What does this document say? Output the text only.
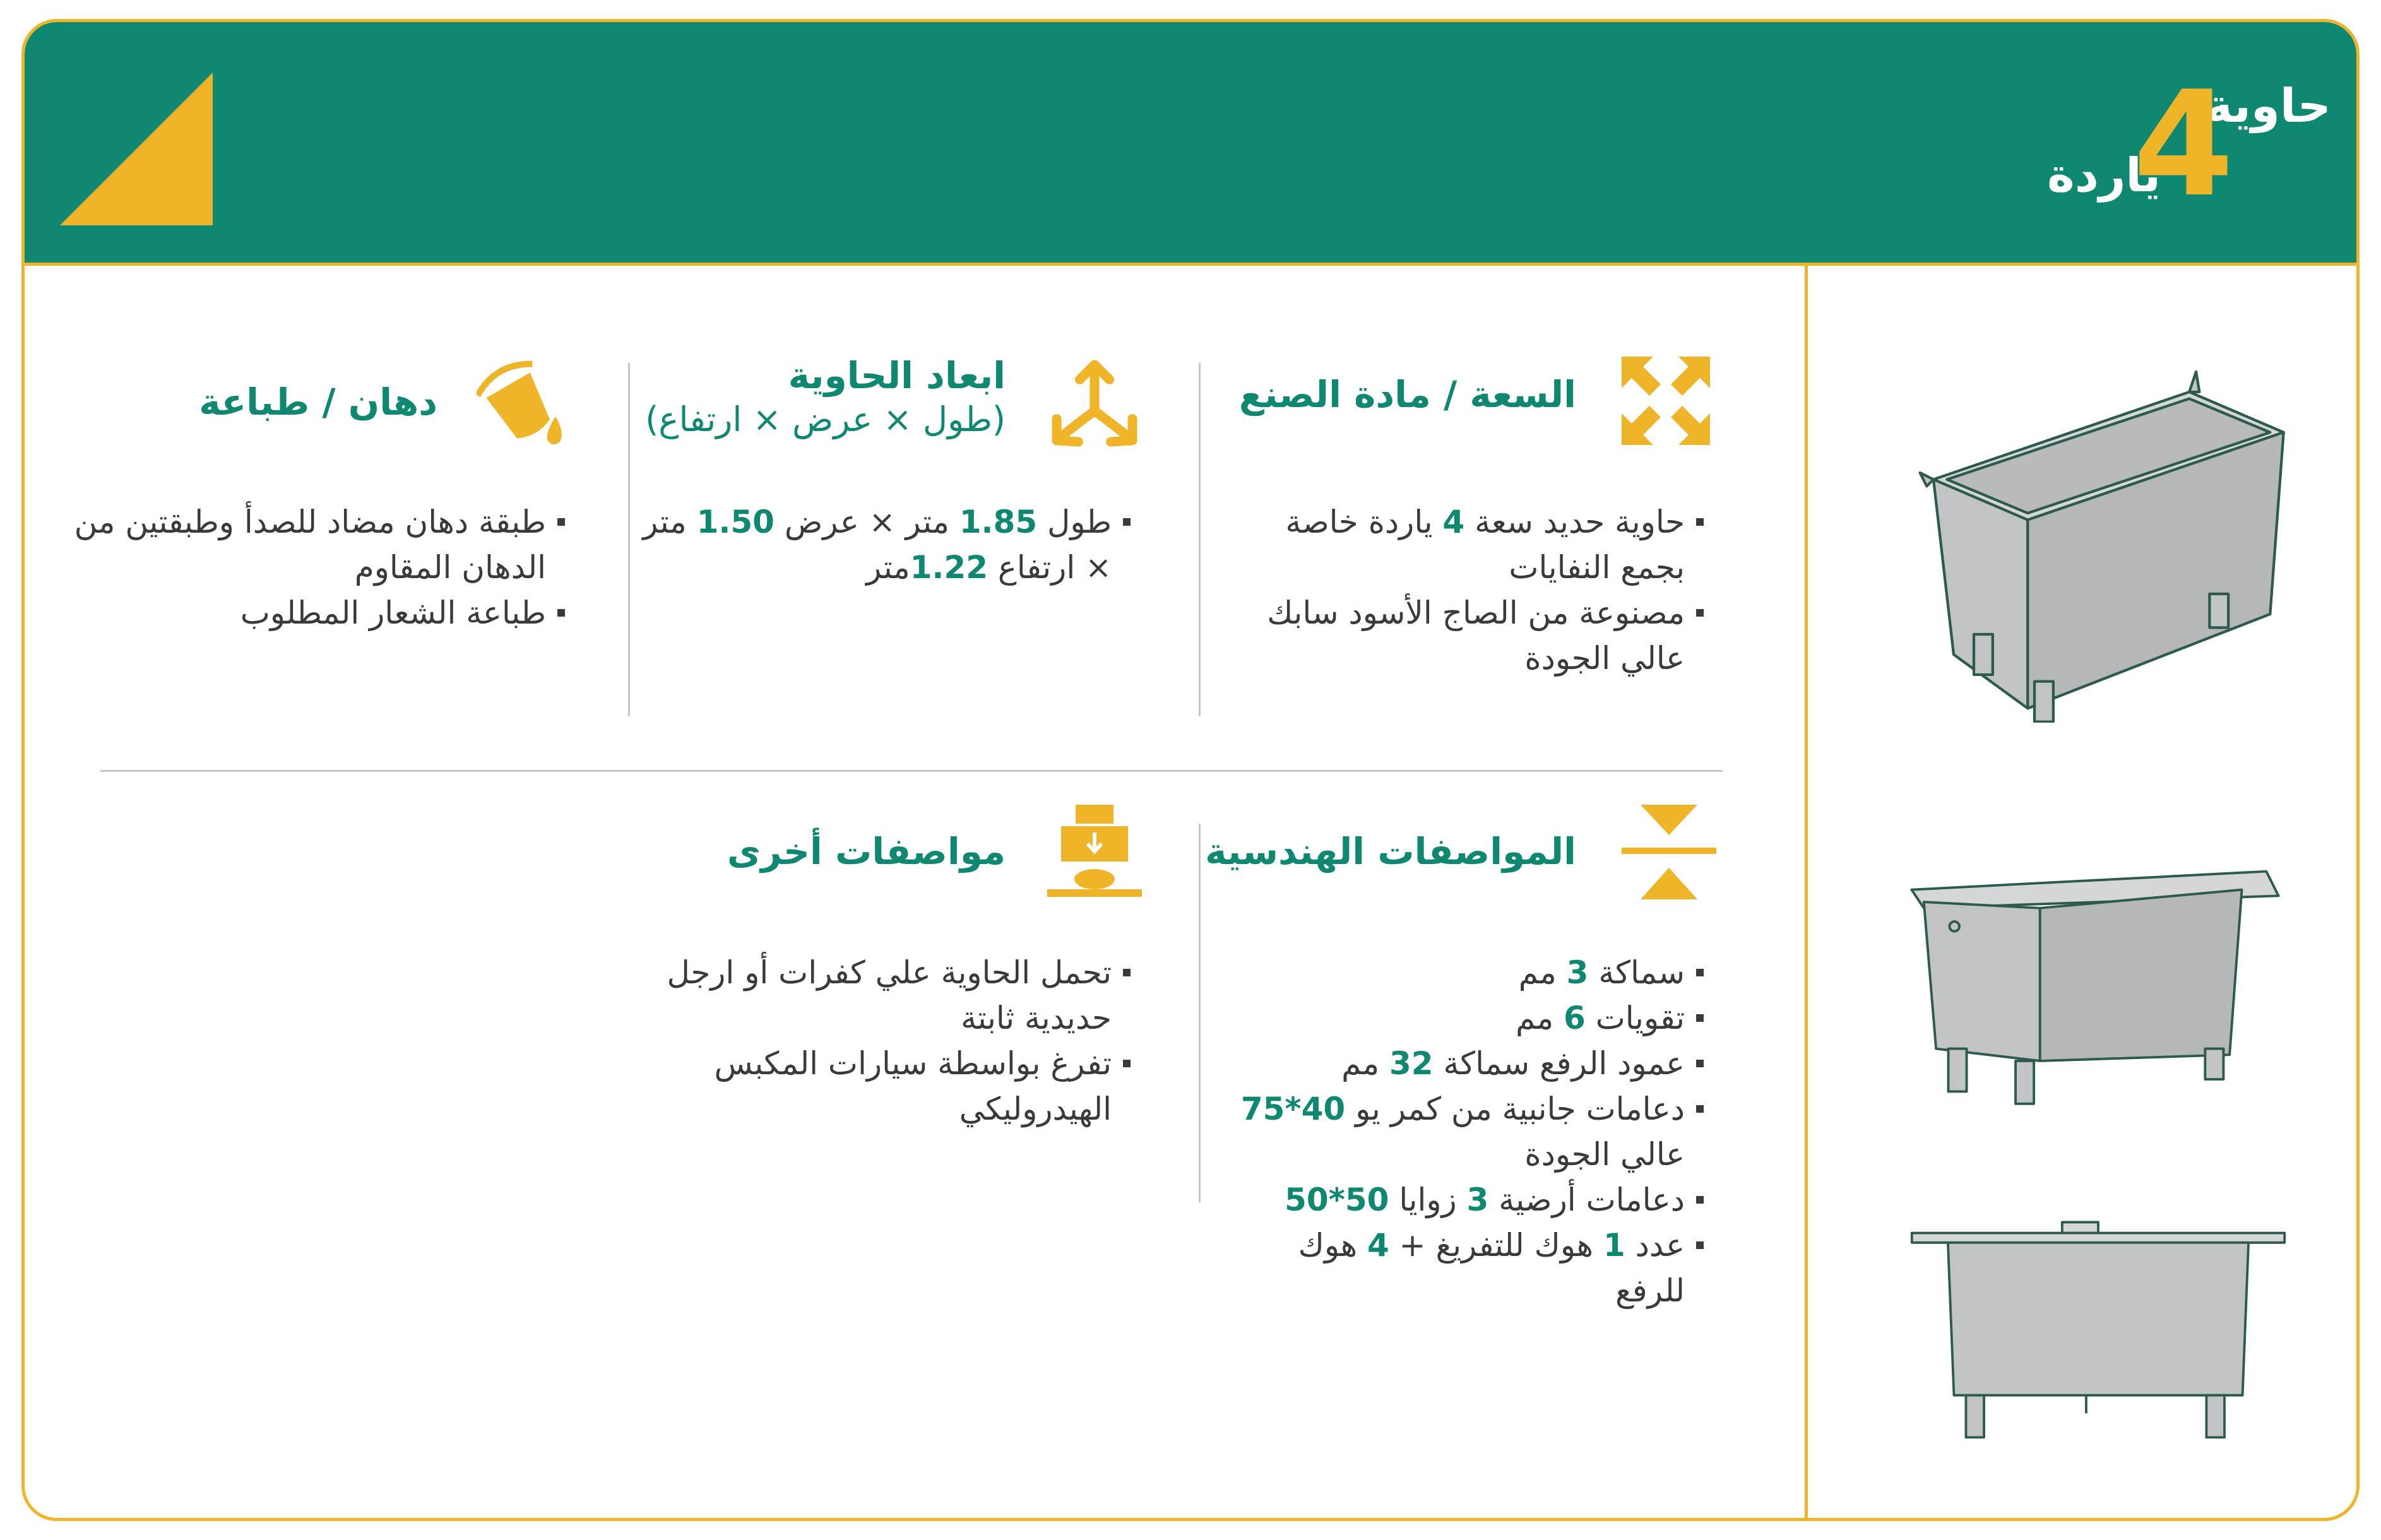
حاوية
4
ياردة
السعة / مادة الصنع
حاوية حديد سعة 4 ياردة خاصة بجمع النفايات
مصنوعة من الصاج الأسود سابك عالي الجودة
ابعاد الحاوية
(طول × عرض × ارتفاع)
طول 1.85 متر × عرض 1.50 متر × ارتفاع 1.22متر
دهان / طباعة
طبقة دهان مضاد للصدأ وطبقتين من الدهان المقاوم
طباعة الشعار المطلوب
المواصفات الهندسية
سماكة 3 مم
تقويات 6 مم
عمود الرفع سماكة 32 مم
دعامات جانبية من كمر يو 40*75 عالي الجودة
دعامات أرضية 3 زوايا 50*50
عدد 1 هوك للتفريغ + 4 هوك للرفع
مواصفات أخرى
تحمل الحاوية علي كفرات أو ارجل حديدية ثابتة
تفرغ بواسطة سيارات المكبس الهيدروليكي
